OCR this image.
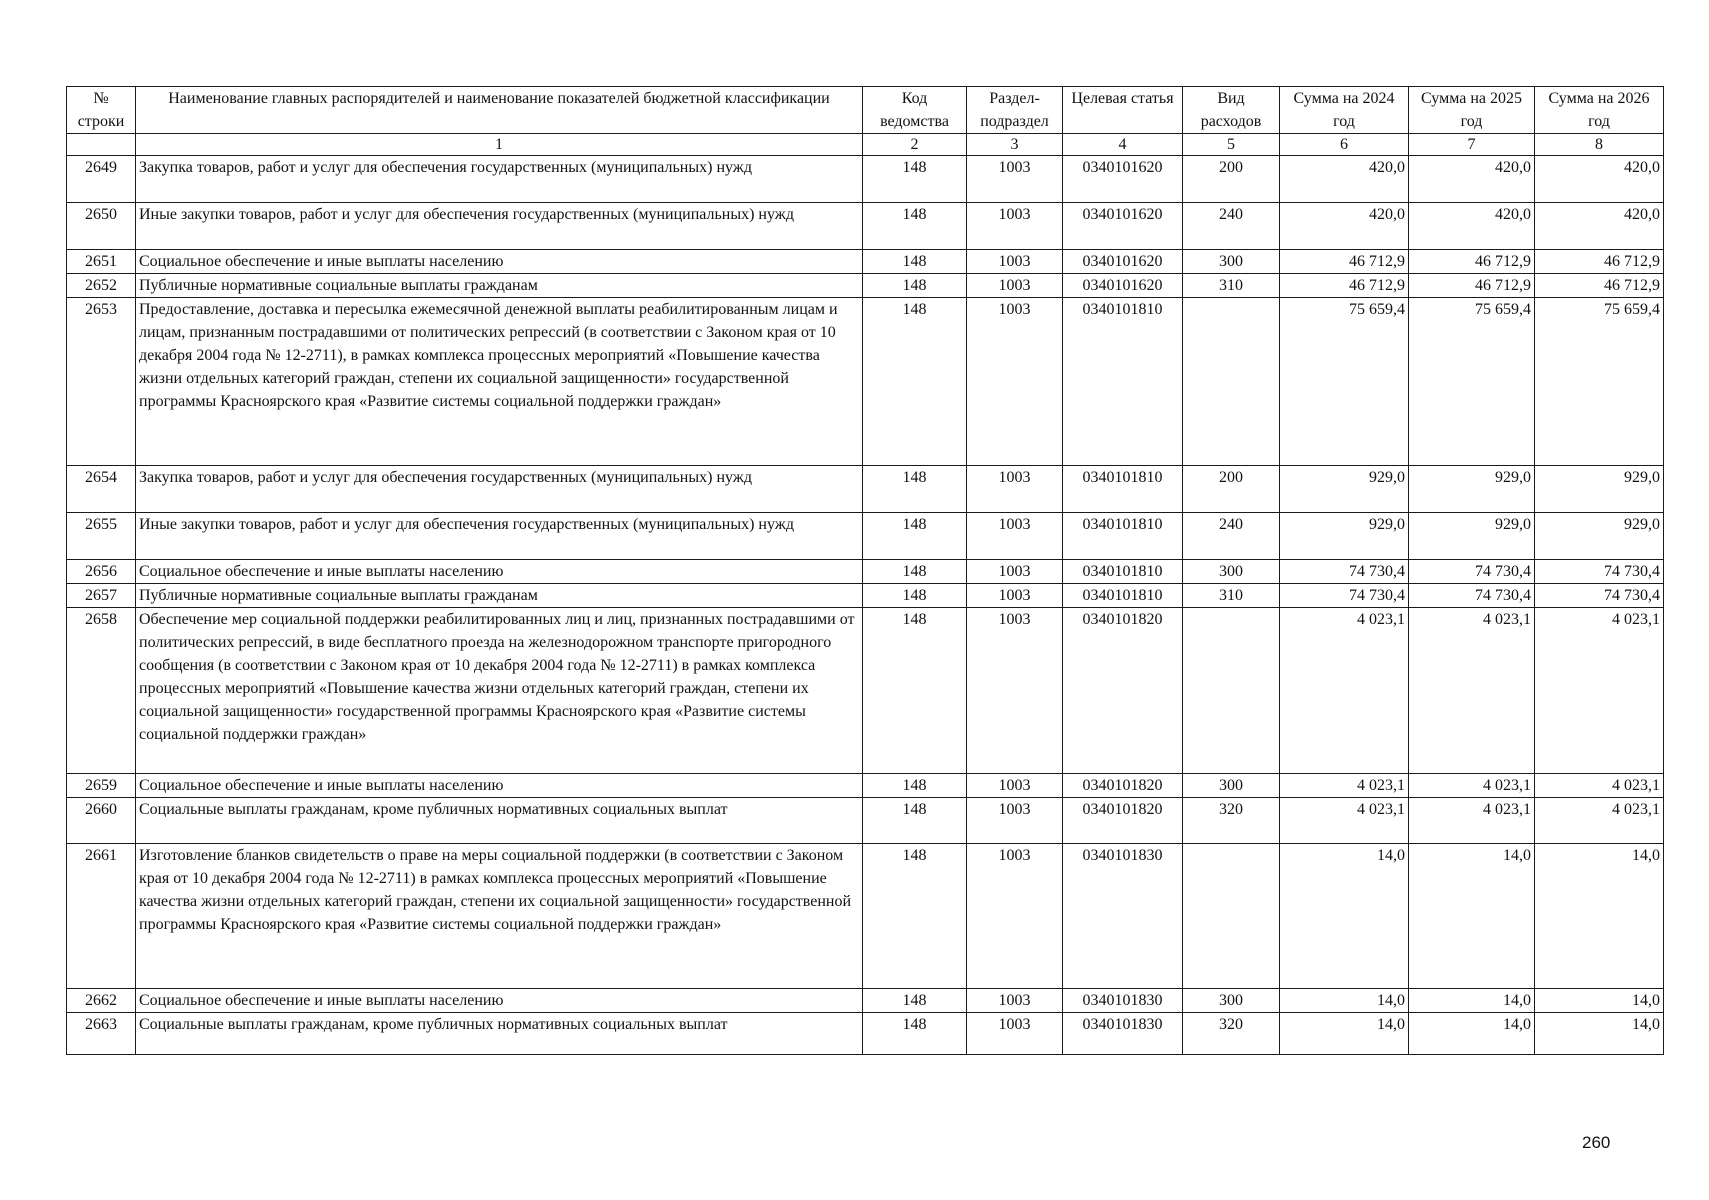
№ строки	Наименование главных распорядителей и наименование показателей бюджетной классификации	Код ведомства	Раздел-подраздел	Целевая статья	Вид расходов	Сумма на 2024 год	Сумма на 2025 год	Сумма на 2026 год
	1	2	3	4	5	6	7	8
2649	Закупка товаров, работ и услуг для обеспечения государственных (муниципальных) нужд	148	1003	0340101620	200	420,0	420,0	420,0
2650	Иные закупки товаров, работ и услуг для обеспечения государственных (муниципальных) нужд	148	1003	0340101620	240	420,0	420,0	420,0
2651	Социальное обеспечение и иные выплаты населению	148	1003	0340101620	300	46 712,9	46 712,9	46 712,9
2652	Публичные нормативные социальные выплаты гражданам	148	1003	0340101620	310	46 712,9	46 712,9	46 712,9
2653	Предоставление, доставка и пересылка ежемесячной денежной выплаты реабилитированным лицам и лицам, признанным пострадавшими от политических репрессий (в соответствии с Законом края от 10 декабря 2004 года № 12-2711), в рамках комплекса процессных мероприятий «Повышение качества жизни отдельных категорий граждан, степени их социальной защищенности» государственной программы Красноярского края «Развитие системы социальной поддержки граждан»	148	1003	0340101810		75 659,4	75 659,4	75 659,4
2654	Закупка товаров, работ и услуг для обеспечения государственных (муниципальных) нужд	148	1003	0340101810	200	929,0	929,0	929,0
2655	Иные закупки товаров, работ и услуг для обеспечения государственных (муниципальных) нужд	148	1003	0340101810	240	929,0	929,0	929,0
2656	Социальное обеспечение и иные выплаты населению	148	1003	0340101810	300	74 730,4	74 730,4	74 730,4
2657	Публичные нормативные социальные выплаты гражданам	148	1003	0340101810	310	74 730,4	74 730,4	74 730,4
2658	Обеспечение мер социальной поддержки реабилитированных лиц и лиц, признанных пострадавшими от политических репрессий, в виде бесплатного проезда на железнодорожном транспорте пригородного сообщения (в соответствии с Законом края от 10 декабря 2004 года № 12-2711) в рамках комплекса процессных мероприятий «Повышение качества жизни отдельных категорий граждан, степени их социальной защищенности» государственной программы Красноярского края «Развитие системы социальной поддержки граждан»	148	1003	0340101820		4 023,1	4 023,1	4 023,1
2659	Социальное обеспечение и иные выплаты населению	148	1003	0340101820	300	4 023,1	4 023,1	4 023,1
2660	Социальные выплаты гражданам, кроме публичных нормативных социальных выплат	148	1003	0340101820	320	4 023,1	4 023,1	4 023,1
2661	Изготовление бланков свидетельств о праве на меры социальной поддержки (в соответствии с Законом края от 10 декабря 2004 года № 12-2711) в рамках комплекса процессных мероприятий «Повышение качества жизни отдельных категорий граждан, степени их социальной защищенности» государственной программы Красноярского края «Развитие системы социальной поддержки граждан»	148	1003	0340101830		14,0	14,0	14,0
2662	Социальное обеспечение и иные выплаты населению	148	1003	0340101830	300	14,0	14,0	14,0
2663	Социальные выплаты гражданам, кроме публичных нормативных социальных выплат	148	1003	0340101830	320	14,0	14,0	14,0
260
